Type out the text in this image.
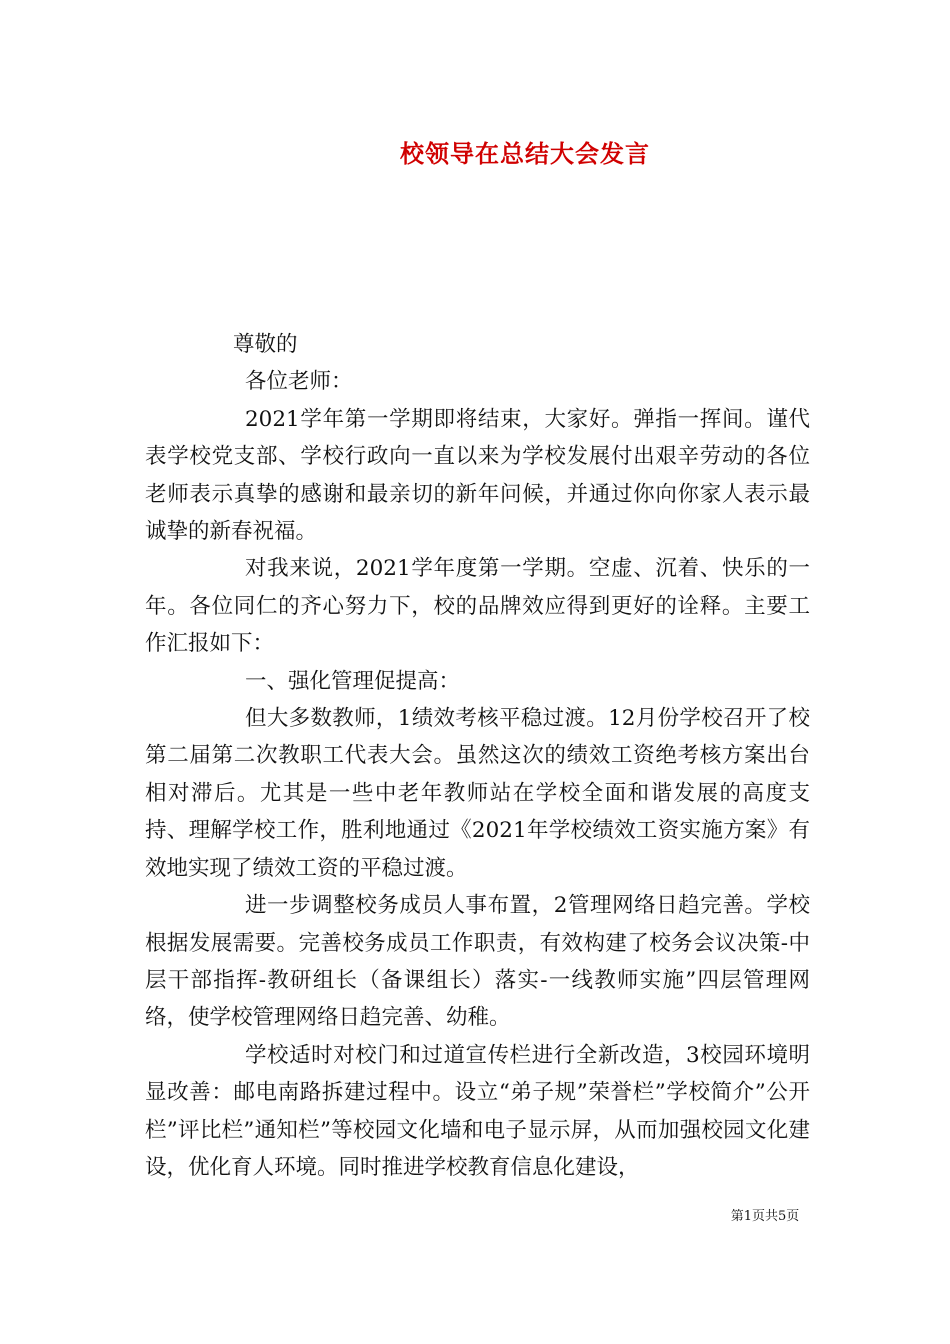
校领导在总结大会发言

尊敬的

各位老师：

2021学年第一学期即将结束，大家好。弹指一挥间。谨代表学校党支部、学校行政向一直以来为学校发展付出艰辛劳动的各位老师表示真挚的感谢和最亲切的新年问候，并通过你向你家人表示最诚挚的新春祝福。

对我来说，2021学年度第一学期。空虚、沉着、快乐的一年。各位同仁的齐心努力下，校的品牌效应得到更好的诠释。主要工作汇报如下：

一、强化管理促提高：

但大多数教师，1绩效考核平稳过渡。12月份学校召开了校第二届第二次教职工代表大会。虽然这次的绩效工资绝考核方案出台相对滞后。尤其是一些中老年教师站在学校全面和谐发展的高度支持、理解学校工作，胜利地通过《2021年学校绩效工资实施方案》有效地实现了绩效工资的平稳过渡。

进一步调整校务成员人事布置，2管理网络日趋完善。学校根据发展需要。完善校务成员工作职责，有效构建了校务会议决策-中层干部指挥-教研组长（备课组长）落实-一线教师实施”四层管理网络，使学校管理网络日趋完善、幼稚。

学校适时对校门和过道宣传栏进行全新改造，3校园环境明显改善：邮电南路拆建过程中。设立“弟子规”荣誉栏”学校简介”公开栏”评比栏”通知栏”等校园文化墙和电子显示屏，从而加强校园文化建设，优化育人环境。同时推进学校教育信息化建设，

第1页共5页
